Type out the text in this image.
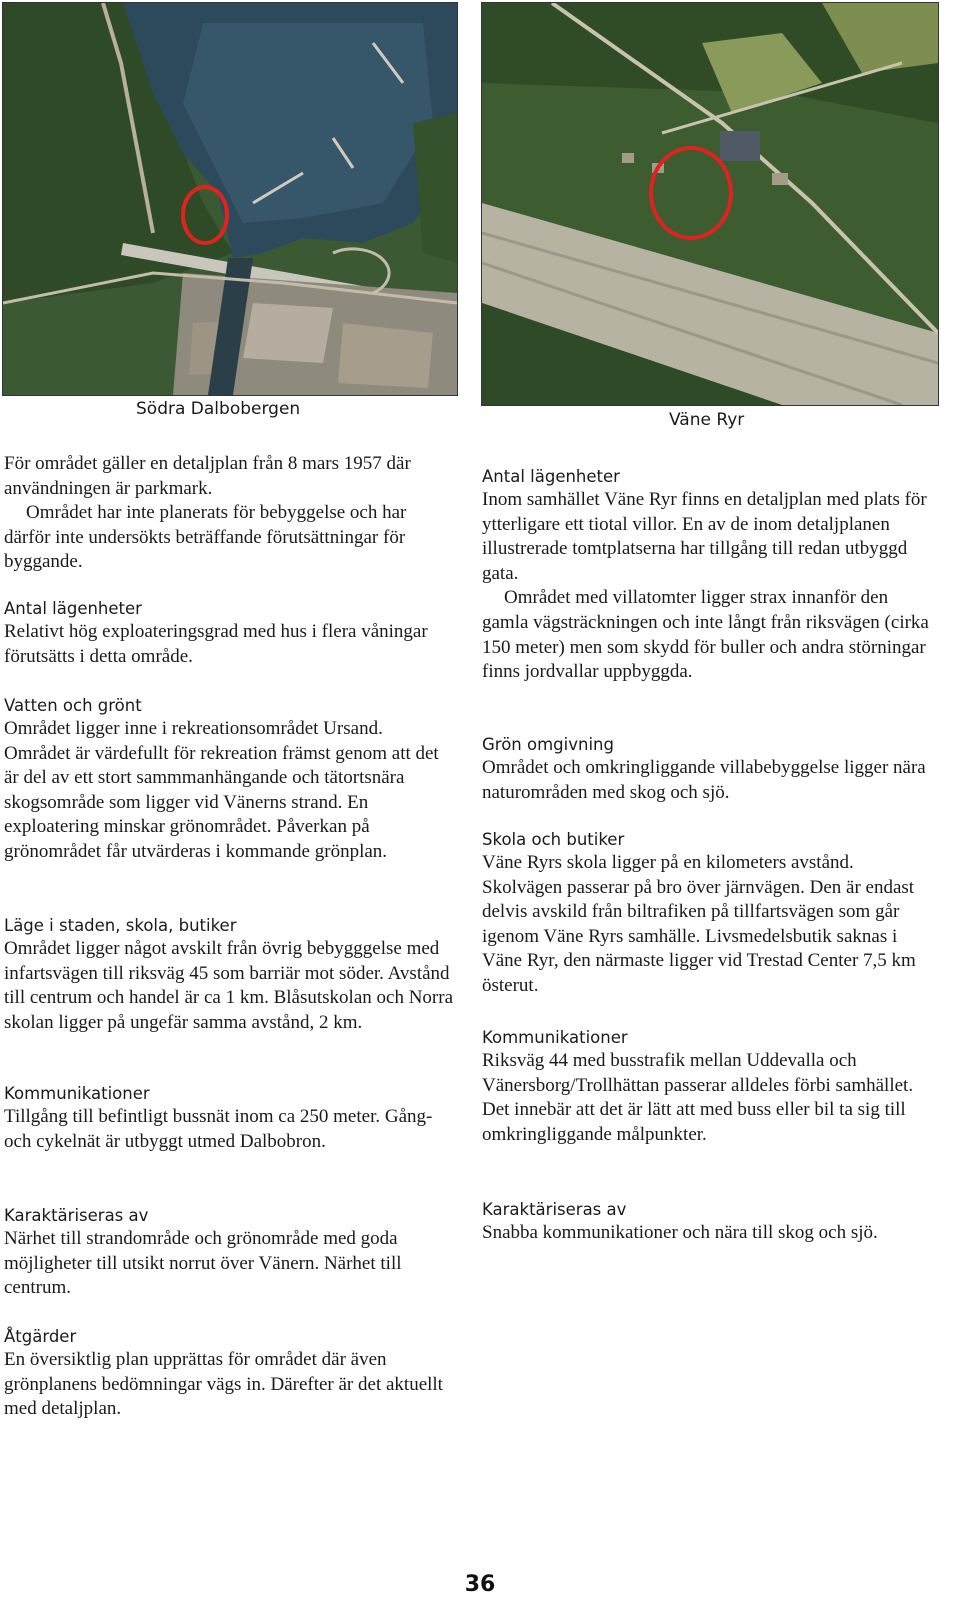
Södra Dalbobergen
Väne Ryr

För området gäller en detaljplan från 8 mars 1957 där användningen är parkmark.

Området har inte planerats för bebyggelse och har därför inte undersökts beträffande förutsättningar för byggande.

Antal lägenheter

Relativt hög exploateringsgrad med hus i flera våningar förutsätts i detta område.

Vatten och grönt

Området ligger inne i rekreationsområdet Ursand. Området är värdefullt för rekreation främst genom att det är del av ett stort sammmanhängande och tätortsnära skogsområde som ligger vid Vänerns strand. En exploatering minskar grönområdet. Påverkan på grönområdet får utvärderas i kommande grönplan.

Läge i staden, skola, butiker

Området ligger något avskilt från övrig bebygggelse med infartsvägen till riksväg 45 som barriär mot söder. Avstånd till centrum och handel är ca 1 km. Blåsutskolan och Norra skolan ligger på ungefär samma avstånd, 2 km.

Kommunikationer

Tillgång till befintligt bussnät inom ca 250 meter. Gång- och cykelnät är utbyggt utmed Dalbobron.

Karaktäriseras av

Närhet till strandområde och grönområde med goda möjligheter till utsikt norrut över Vänern. Närhet till centrum.

Åtgärder

En översiktlig plan upprättas för området där även grönplanens bedömningar vägs in. Därefter är det aktuellt med detaljplan.

Antal lägenheter

Inom samhället Väne Ryr finns en detaljplan med plats för ytterligare ett tiotal villor. En av de inom detaljplanen illustrerade tomtplatserna har tillgång till redan utbyggd gata.

Området med villatomter ligger strax innanför den gamla vägsträckningen och inte långt från riksvägen (cirka 150 meter) men som skydd för buller och andra störningar finns jordvallar uppbyggda.

Grön omgivning

Området och omkringliggande villabebyggelse ligger nära naturområden med skog och sjö.

Skola och butiker

Väne Ryrs skola ligger på en kilometers avstånd. Skolvägen passerar på bro över järnvägen. Den är endast delvis avskild från biltrafiken på tillfartsvägen som går igenom Väne Ryrs samhälle. Livsmedelsbutik saknas i Väne Ryr, den närmaste ligger vid Trestad Center 7,5 km österut.

Kommunikationer

Riksväg 44 med busstrafik mellan Uddevalla och Vänersborg/Trollhättan passerar alldeles förbi samhället. Det innebär att det är lätt att med buss eller bil ta sig till omkringliggande målpunkter.

Karaktäriseras av

Snabba kommunikationer och nära till skog och sjö.

36
